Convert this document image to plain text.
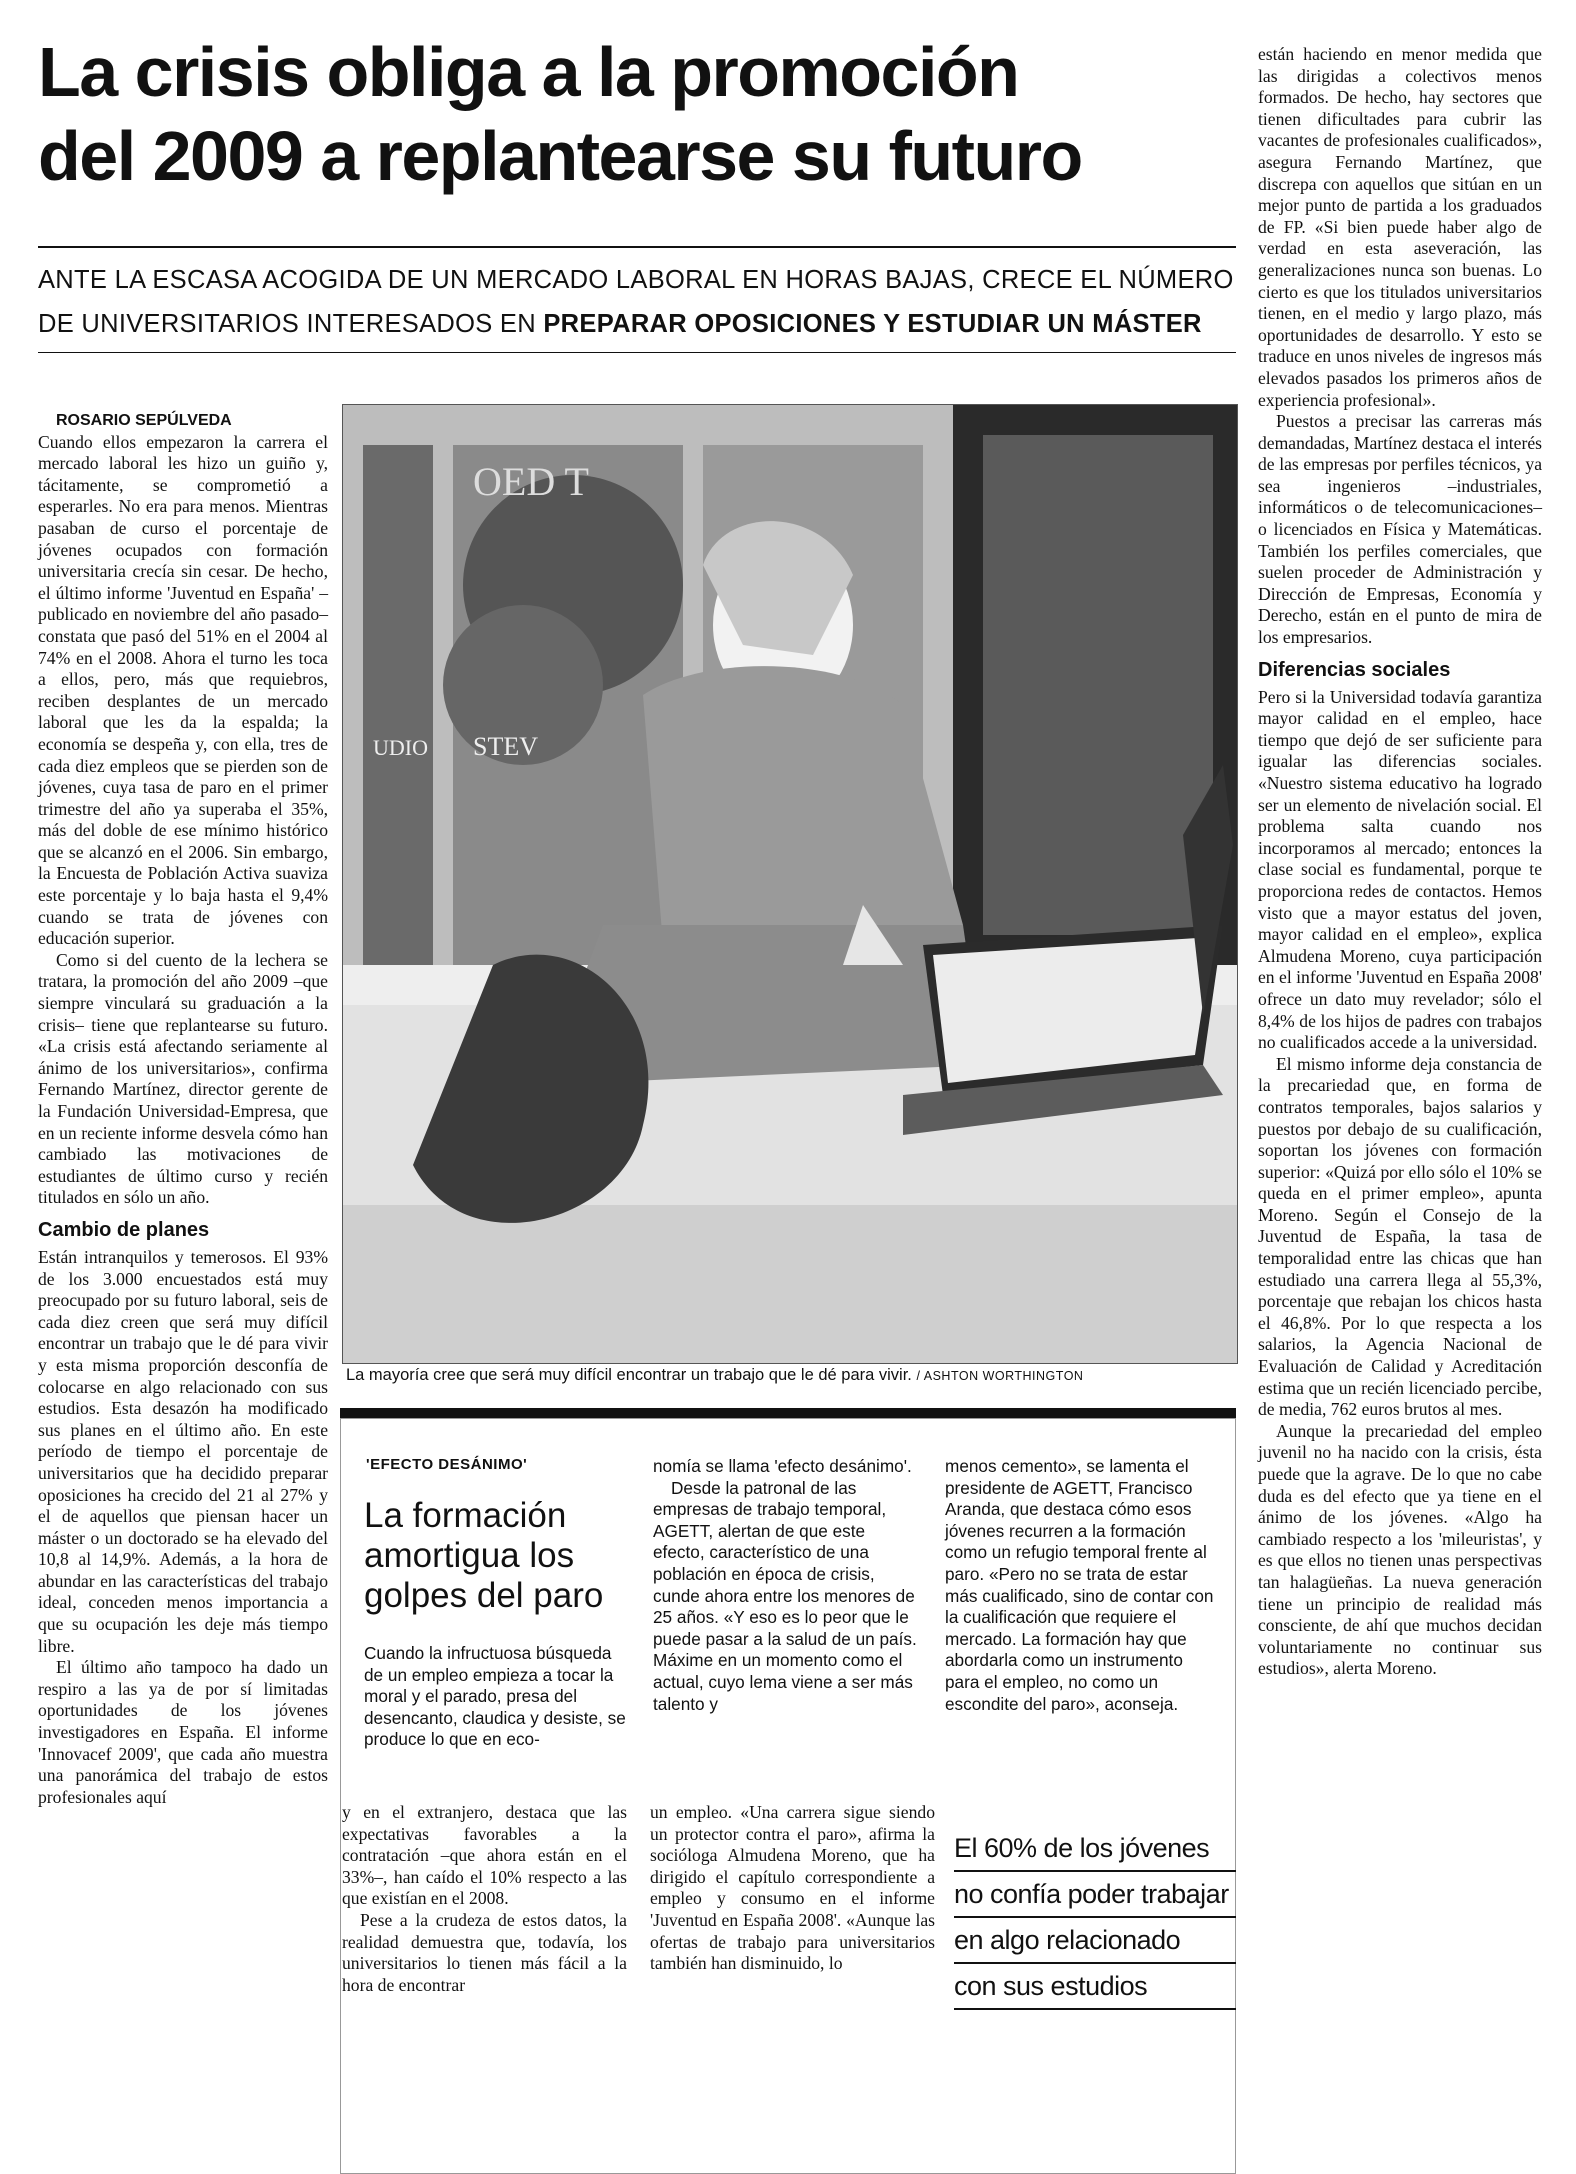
La crisis obliga a la promoción
del 2009 a replantearse su futuro
ANTE LA ESCASA ACOGIDA DE UN MERCADO LABORAL EN HORAS BAJAS, CRECE EL NÚMERO
DE UNIVERSITARIOS INTERESADOS EN PREPARAR OPOSICIONES Y ESTUDIAR UN MÁSTER

ROSARIO SEPÚLVEDA

Cuando ellos empezaron la carrera el mercado laboral les hizo un guiño y, tácitamente, se comprometió a esperarles. No era para menos. Mientras pasaban de curso el porcentaje de jóvenes ocupados con formación universitaria crecía sin cesar. De hecho, el último informe 'Juventud en España' –publicado en noviembre del año pasado– constata que pasó del 51% en el 2004 al 74% en el 2008. Ahora el turno les toca a ellos, pero, más que requiebros, reciben desplantes de un mercado laboral que les da la espalda; la economía se despeña y, con ella, tres de cada diez empleos que se pierden son de jóvenes, cuya tasa de paro en el primer trimestre del año ya superaba el 35%, más del doble de ese mínimo histórico que se alcanzó en el 2006. Sin embargo, la Encuesta de Población Activa suaviza este porcentaje y lo baja hasta el 9,4% cuando se trata de jóvenes con educación superior.

Como si del cuento de la lechera se tratara, la promoción del año 2009 –que siempre vinculará su graduación a la crisis– tiene que replantearse su futuro. «La crisis está afectando seriamente al ánimo de los universitarios», confirma Fernando Martínez, director gerente de la Fundación Universidad-Empresa, que en un reciente informe desvela cómo han cambiado las motivaciones de estudiantes de último curso y recién titulados en sólo un año.

Cambio de planes

Están intranquilos y temerosos. El 93% de los 3.000 encuestados está muy preocupado por su futuro laboral, seis de cada diez creen que será muy difícil encontrar un trabajo que le dé para vivir y esta misma proporción desconfía de colocarse en algo relacionado con sus estudios. Esta desazón ha modificado sus planes en el último año. En este período de tiempo el porcentaje de universitarios que ha decidido preparar oposiciones ha crecido del 21 al 27% y el de aquellos que piensan hacer un máster o un doctorado se ha elevado del 10,8 al 14,9%. Además, a la hora de abundar en las características del trabajo ideal, conceden menos importancia a que su ocupación les deje más tiempo libre.

El último año tampoco ha dado un respiro a las ya de por sí limitadas oportunidades de los jóvenes investigadores en España. El informe 'Innovacef 2009', que cada año muestra una panorámica del trabajo de estos profesionales aquí

OED T
STEV
UDIO
La mayoría cree que será muy difícil encontrar un trabajo que le dé para vivir. / ASHTON WORTHINGTON
'EFECTO DESÁNIMO'
La formación amortigua los golpes del paro

Cuando la infructuosa búsqueda de un empleo empieza a tocar la moral y el parado, presa del desencanto, claudica y desiste, se produce lo que en eco-

nomía se llama 'efecto desánimo'.

Desde la patronal de las empresas de trabajo temporal, AGETT, alertan de que este efecto, característico de una población en época de crisis, cunde ahora entre los menores de 25 años. «Y eso es lo peor que le puede pasar a la salud de un país. Máxime en un momento como el actual, cuyo lema viene a ser más talento y

menos cemento», se lamenta el presidente de AGETT, Francisco Aranda, que destaca cómo esos jóvenes recurren a la formación como un refugio temporal frente al paro. «Pero no se trata de estar más cualificado, sino de contar con la cualificación que requiere el mercado. La formación hay que abordarla como un instrumento para el empleo, no como un escondite del paro», aconseja.

y en el extranjero, destaca que las expectativas favorables a la contratación –que ahora están en el 33%–, han caído el 10% respecto a las que existían en el 2008.

Pese a la crudeza de estos datos, la realidad demuestra que, todavía, los universitarios lo tienen más fácil a la hora de encontrar

un empleo. «Una carrera sigue siendo un protector contra el paro», afirma la socióloga Almudena Moreno, que ha dirigido el capítulo correspondiente a empleo y consumo en el informe 'Juventud en España 2008'. «Aunque las ofertas de trabajo para universitarios también han disminuido, lo

El 60% de los jóvenes
no confía poder trabajar
en algo relacionado
con sus estudios

están haciendo en menor medida que las dirigidas a colectivos menos formados. De hecho, hay sectores que tienen dificultades para cubrir las vacantes de profesionales cualificados», asegura Fernando Martínez, que discrepa con aquellos que sitúan en un mejor punto de partida a los graduados de FP. «Si bien puede haber algo de verdad en esta aseveración, las generalizaciones nunca son buenas. Lo cierto es que los titulados universitarios tienen, en el medio y largo plazo, más oportunidades de desarrollo. Y esto se traduce en unos niveles de ingresos más elevados pasados los primeros años de experiencia profesional».

Puestos a precisar las carreras más demandadas, Martínez destaca el interés de las empresas por perfiles técnicos, ya sea ingenieros –industriales, informáticos o de telecomunicaciones– o licenciados en Física y Matemáticas. También los perfiles comerciales, que suelen proceder de Administración y Dirección de Empresas, Economía y Derecho, están en el punto de mira de los empresarios.

Diferencias sociales

Pero si la Universidad todavía garantiza mayor calidad en el empleo, hace tiempo que dejó de ser suficiente para igualar las diferencias sociales. «Nuestro sistema educativo ha logrado ser un elemento de nivelación social. El problema salta cuando nos incorporamos al mercado; entonces la clase social es fundamental, porque te proporciona redes de contactos. Hemos visto que a mayor estatus del joven, mayor calidad en el empleo», explica Almudena Moreno, cuya participación en el informe 'Juventud en España 2008' ofrece un dato muy revelador; sólo el 8,4% de los hijos de padres con trabajos no cualificados accede a la universidad.

El mismo informe deja constancia de la precariedad que, en forma de contratos temporales, bajos salarios y puestos por debajo de su cualificación, soportan los jóvenes con formación superior: «Quizá por ello sólo el 10% se queda en el primer empleo», apunta Moreno. Según el Consejo de la Juventud de España, la tasa de temporalidad entre las chicas que han estudiado una carrera llega al 55,3%, porcentaje que rebajan los chicos hasta el 46,8%. Por lo que respecta a los salarios, la Agencia Nacional de Evaluación de Calidad y Acreditación estima que un recién licenciado percibe, de media, 762 euros brutos al mes.

Aunque la precariedad del empleo juvenil no ha nacido con la crisis, ésta puede que la agrave. De lo que no cabe duda es del efecto que ya tiene en el ánimo de los jóvenes. «Algo ha cambiado respecto a los 'mileuristas', y es que ellos no tienen unas perspectivas tan halagüeñas. La nueva generación tiene un principio de realidad más consciente, de ahí que muchos decidan voluntariamente no continuar sus estudios», alerta Moreno.
